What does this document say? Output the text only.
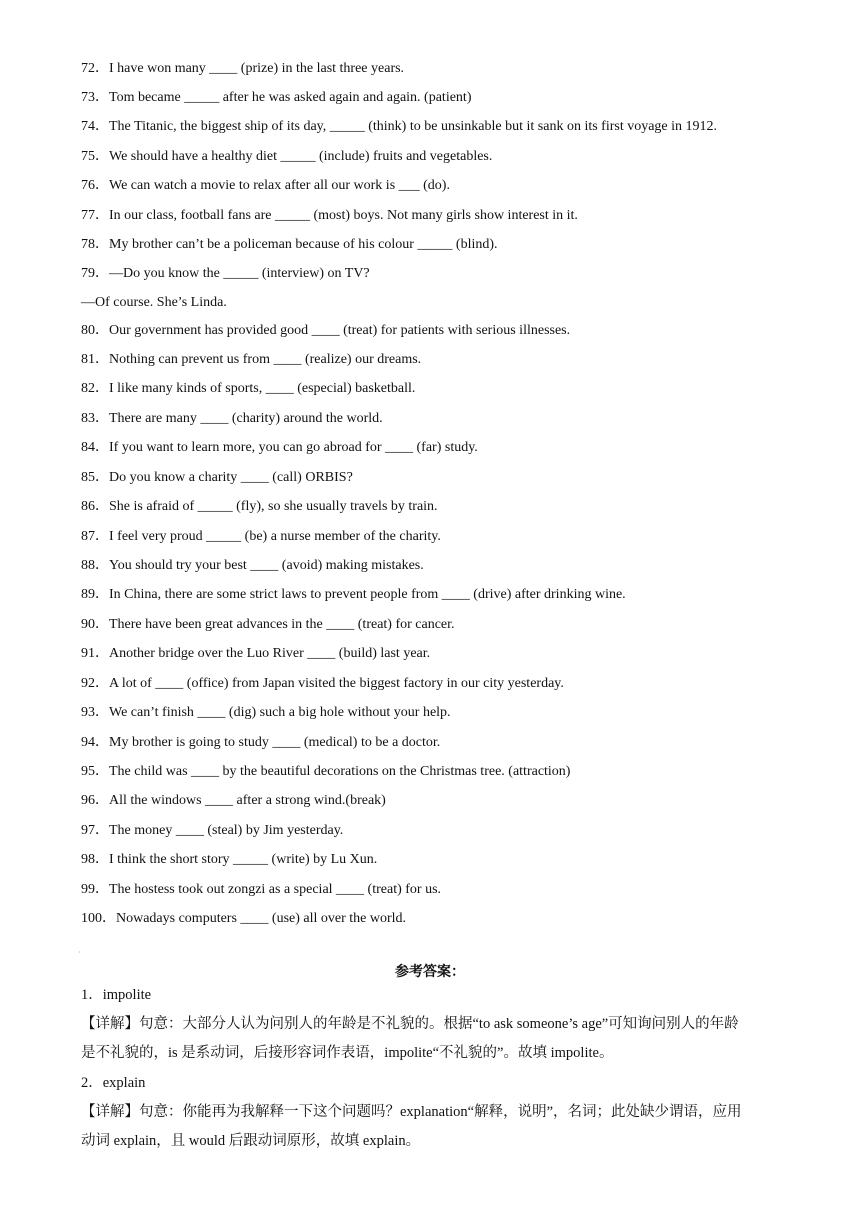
72．I have won many ____ (prize) in the last three years.

73．Tom became _____ after he was asked again and again. (patient)

74．The Titanic, the biggest ship of its day, _____ (think) to be unsinkable but it sank on its first voyage in 1912.

75．We should have a healthy diet _____ (include) fruits and vegetables.

76．We can watch a movie to relax after all our work is ___ (do).

77．In our class, football fans are _____ (most) boys. Not many girls show interest in it.

78．My brother can’t be a policeman because of his colour _____ (blind).

79．—Do you know the _____ (interview) on TV?

—Of course. She’s Linda.

80．Our government has provided good ____ (treat) for patients with serious illnesses.

81．Nothing can prevent us from ____ (realize) our dreams.

82．I like many kinds of sports, ____ (especial) basketball.

83．There are many ____ (charity) around the world.

84．If you want to learn more, you can go abroad for ____ (far) study.

85．Do you know a charity ____ (call) ORBIS?

86．She is afraid of _____ (fly), so she usually travels by train.

87．I feel very proud _____ (be) a nurse member of the charity.

88．You should try your best ____ (avoid) making mistakes.

89．In China, there are some strict laws to prevent people from ____ (drive) after drinking wine.

90．There have been great advances in the ____ (treat) for cancer.

91．Another bridge over the Luo River ____ (build) last year.

92．A lot of ____ (office) from Japan visited the biggest factory in our city yesterday.

93．We can’t finish ____ (dig) such a big hole without your help.

94．My brother is going to study ____ (medical) to be a doctor.

95．The child was ____ by the beautiful decorations on the Christmas tree. (attraction)

96．All the windows ____ after a strong wind.(break)

97．The money ____ (steal) by Jim yesterday.

98．I think the short story _____ (write) by Lu Xun.

99．The hostess took out zongzi as a special ____ (treat) for us.

100．Nowadays computers ____ (use) all over the world.

·
参考答案：

1．impolite

【详解】句意：大部分人认为问别人的年龄是不礼貌的。根据“to ask someone’s age”可知询问别人的年龄

是不礼貌的，is 是系动词，后接形容词作表语，impolite“不礼貌的”。故填 impolite。

2．explain

【详解】句意：你能再为我解释一下这个问题吗？explanation“解释，说明”，名词；此处缺少谓语，应用

动词 explain，且 would 后跟动词原形，故填 explain。
